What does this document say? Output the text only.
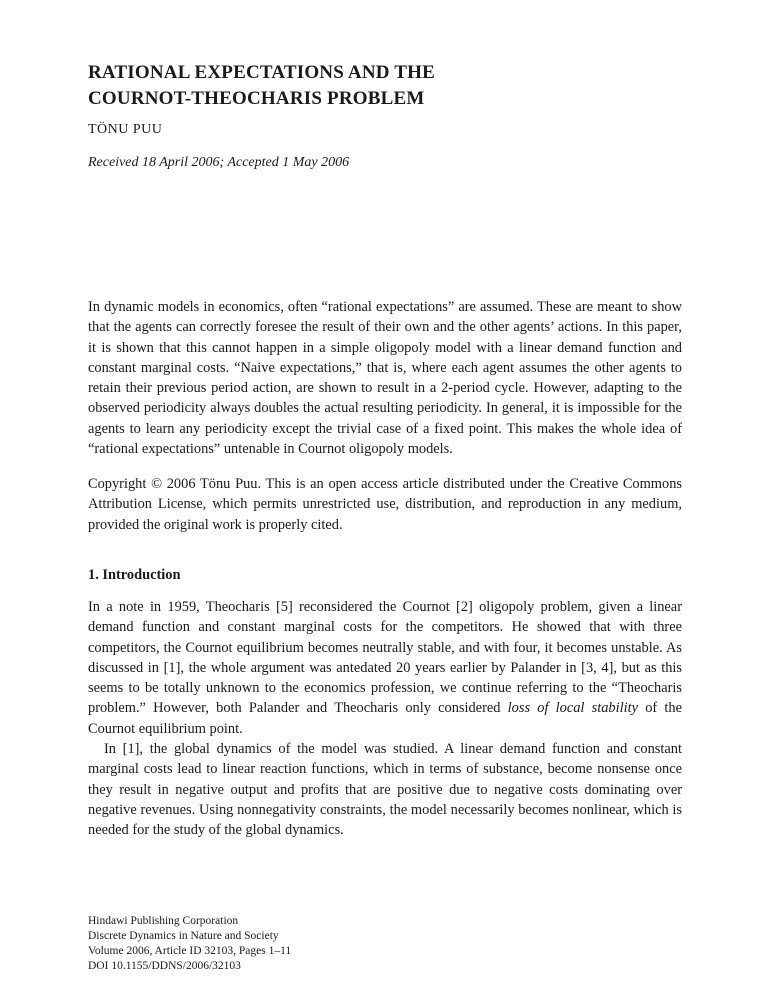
RATIONAL EXPECTATIONS AND THE
COURNOT-THEOCHARIS PROBLEM
TÖNU PUU
Received 18 April 2006; Accepted 1 May 2006

In dynamic models in economics, often “rational expectations” are assumed. These are meant to show that the agents can correctly foresee the result of their own and the other agents’ actions. In this paper, it is shown that this cannot happen in a simple oligopoly model with a linear demand function and constant marginal costs. “Naive expectations,” that is, where each agent assumes the other agents to retain their previous period action, are shown to result in a 2-period cycle. However, adapting to the observed periodicity always doubles the actual resulting periodicity. In general, it is impossible for the agents to learn any periodicity except the trivial case of a fixed point. This makes the whole idea of “rational expectations” untenable in Cournot oligopoly models.

Copyright © 2006 Tönu Puu. This is an open access article distributed under the Creative Commons Attribution License, which permits unrestricted use, distribution, and reproduction in any medium, provided the original work is properly cited.

1. Introduction

In a note in 1959, Theocharis [5] reconsidered the Cournot [2] oligopoly problem, given a linear demand function and constant marginal costs for the competitors. He showed that with three competitors, the Cournot equilibrium becomes neutrally stable, and with four, it becomes unstable. As discussed in [1], the whole argument was antedated 20 years earlier by Palander in [3, 4], but as this seems to be totally unknown to the economics profession, we continue referring to the “Theocharis problem.” However, both Palander and Theocharis only considered loss of local stability of the Cournot equilibrium point.

In [1], the global dynamics of the model was studied. A linear demand function and constant marginal costs lead to linear reaction functions, which in terms of substance, become nonsense once they result in negative output and profits that are positive due to negative costs dominating over negative revenues. Using nonnegativity constraints, the model necessarily becomes nonlinear, which is needed for the study of the global dynamics.

Hindawi Publishing Corporation
Discrete Dynamics in Nature and Society
Volume 2006, Article ID 32103, Pages 1–11
DOI 10.1155/DDNS/2006/32103
